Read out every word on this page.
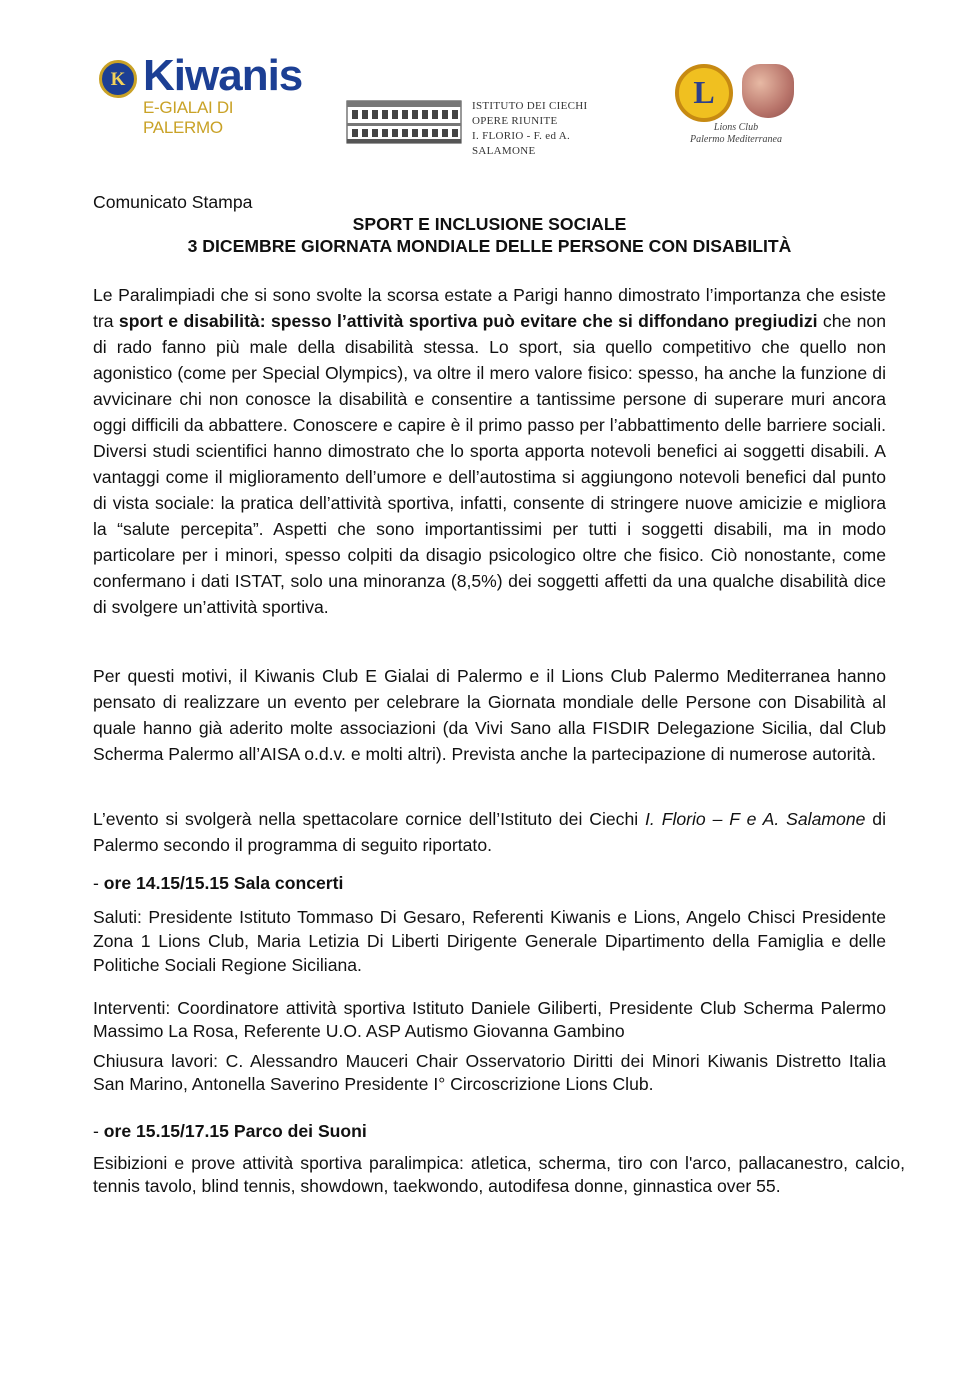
K Kiwanis
E-GIALAI DI PALERMO
ISTITUTO DEI CIECHI
OPERE RIUNITE
I. FLORIO - F. ed A. SALAMONE
L
Lions Club
Palermo Mediterranea

Comunicato Stampa

SPORT E INCLUSIONE SOCIALE

3 DICEMBRE GIORNATA MONDIALE DELLE PERSONE CON DISABILITÀ

Le Paralimpiadi che si sono svolte la scorsa estate a Parigi hanno dimostrato l’importanza che esiste tra sport e disabilità: spesso l’attività sportiva può evitare che si diffondano pregiudizi che non di rado fanno più male della disabilità stessa. Lo sport, sia quello competitivo che quello non agonistico (come per Special Olympics), va oltre il mero valore fisico: spesso, ha anche la funzione di avvicinare chi non conosce la disabilità e consentire a tantissime persone di superare muri ancora oggi difficili da abbattere. Conoscere e capire è il primo passo per l’abbattimento delle barriere sociali. Diversi studi scientifici hanno dimostrato che lo sporta apporta notevoli benefici ai soggetti disabili. A vantaggi come il miglioramento dell’umore e dell’autostima si aggiungono notevoli benefici dal punto di vista sociale: la pratica dell’attività sportiva, infatti, consente di stringere nuove amicizie e migliora la “salute percepita”. Aspetti che sono importantissimi per tutti i soggetti disabili, ma in modo particolare per i minori, spesso colpiti da disagio psicologico oltre che fisico. Ciò nonostante, come confermano i dati ISTAT, solo una minoranza (8,5%) dei soggetti affetti da una qualche disabilità dice di svolgere un’attività sportiva.

Per questi motivi, il Kiwanis Club E Gialai di Palermo e il Lions Club Palermo Mediterranea hanno pensato di realizzare un evento per celebrare la Giornata mondiale delle Persone con Disabilità al quale hanno già aderito molte associazioni (da Vivi Sano alla FISDIR Delegazione Sicilia, dal Club Scherma Palermo all’AISA o.d.v. e molti altri). Prevista anche la partecipazione di numerose autorità.

L’evento si svolgerà nella spettacolare cornice dell’Istituto dei Ciechi I. Florio – F e A. Salamone di Palermo secondo il programma di seguito riportato.

- ore 14.15/15.15 Sala concerti

Saluti: Presidente Istituto Tommaso Di Gesaro, Referenti Kiwanis e Lions, Angelo Chisci Presidente Zona 1 Lions Club, Maria Letizia Di Liberti Dirigente Generale Dipartimento della Famiglia e delle Politiche Sociali Regione Siciliana.

Interventi: Coordinatore attività sportiva Istituto Daniele Giliberti, Presidente Club Scherma Palermo Massimo La Rosa, Referente U.O. ASP Autismo Giovanna Gambino

Chiusura lavori: C. Alessandro Mauceri Chair Osservatorio Diritti dei Minori Kiwanis Distretto Italia San Marino, Antonella Saverino Presidente I° Circoscrizione Lions Club.

- ore 15.15/17.15 Parco dei Suoni

Esibizioni e prove attività sportiva paralimpica: atletica, scherma, tiro con l'arco, pallacanestro, calcio, tennis tavolo, blind tennis, showdown, taekwondo, autodifesa donne, ginnastica over 55.
